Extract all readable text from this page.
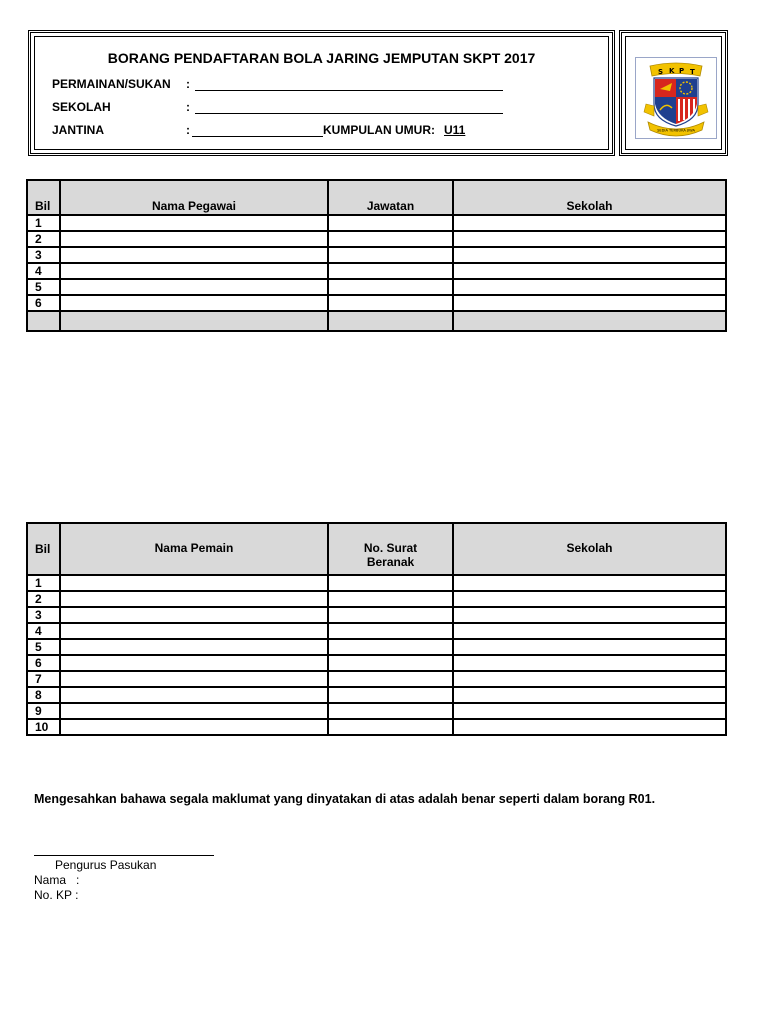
BORANG PENDAFTARAN BOLA JARING JEMPUTAN SKPT 2017
PERMAINAN/SUKAN :
SEKOLAH	:
JANTINA	:	KUMPULAN UMUR: U11
S K P T
SEDIA TERBUKA JIWA
Bil	Nama Pegawai	Jawatan	Sekolah
1			
2			
3			
4			
5			
6			

Bil	Nama Pemain	No. Surat Beranak	Sekolah
1			
2			
3			
4			
5			
6			
7			
8			
9			
10			
Mengesahkan bahawa segala maklumat yang dinyatakan di atas adalah benar seperti dalam borang R01.
Pengurus Pasukan
Nama   :
No. KP :
